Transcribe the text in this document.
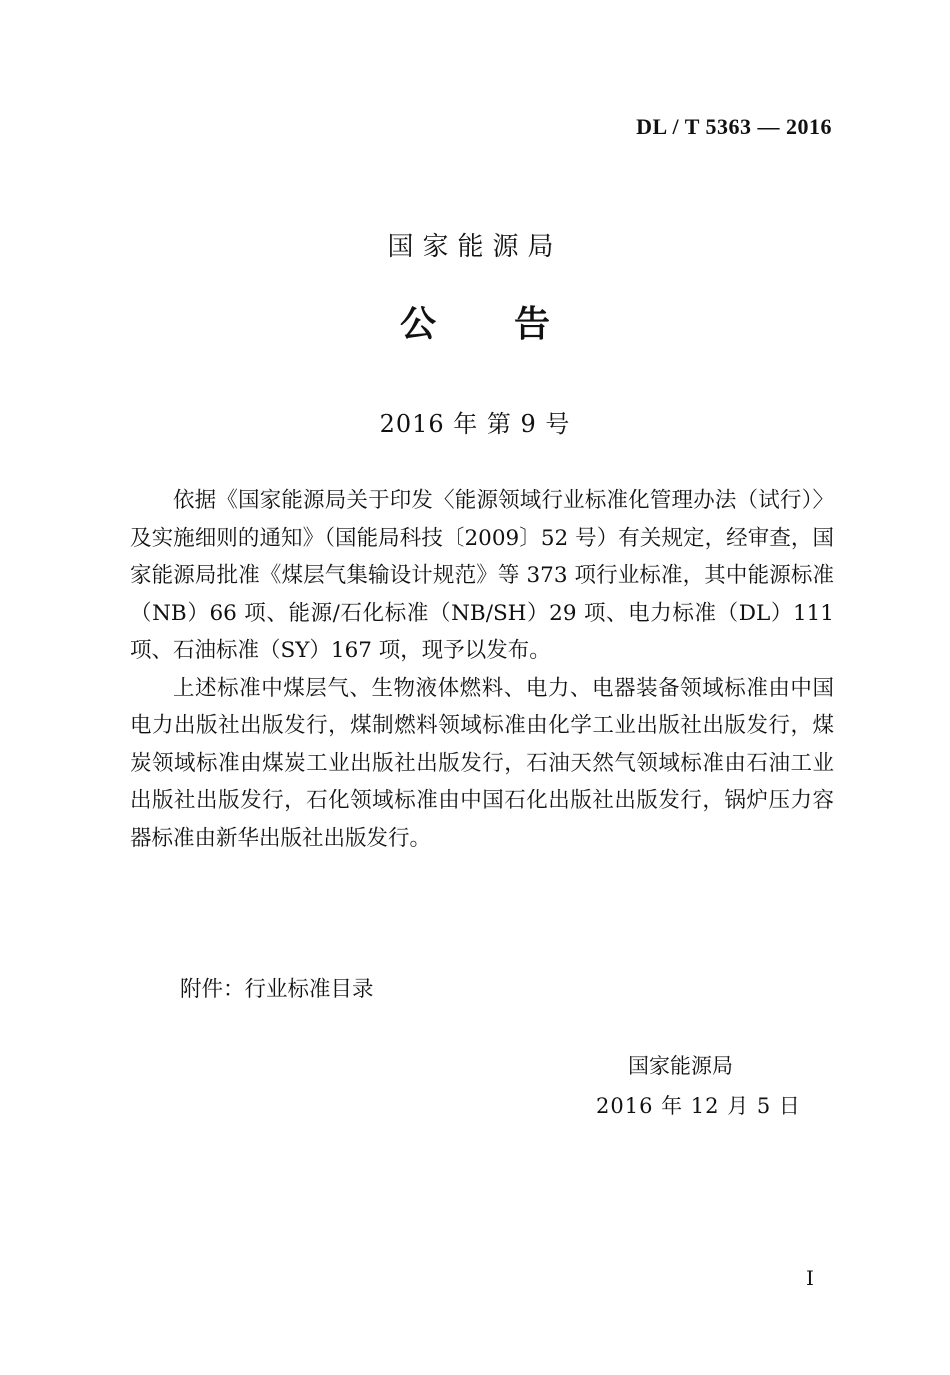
DL / T 5363 — 2016
国家能源局
公告
2016 年 第 9 号

依据《国家能源局关于印发〈能源领域行业标准化管理办法（试行）〉及实施细则的通知》（国能局科技〔2009〕52 号）有关规定，经审查，国家能源局批准《煤层气集输设计规范》等 373 项行业标准，其中能源标准（NB）66 项、能源/石化标准（NB/SH）29 项、电力标准（DL）111 项、石油标准（SY）167 项，现予以发布。

上述标准中煤层气、生物液体燃料、电力、电器装备领域标准由中国电力出版社出版发行，煤制燃料领域标准由化学工业出版社出版发行，煤炭领域标准由煤炭工业出版社出版发行，石油天然气领域标准由石油工业出版社出版发行，石化领域标准由中国石化出版社出版发行，锅炉压力容器标准由新华出版社出版发行。

附件：行业标准目录
国家能源局
2016 年 12 月 5 日
I
